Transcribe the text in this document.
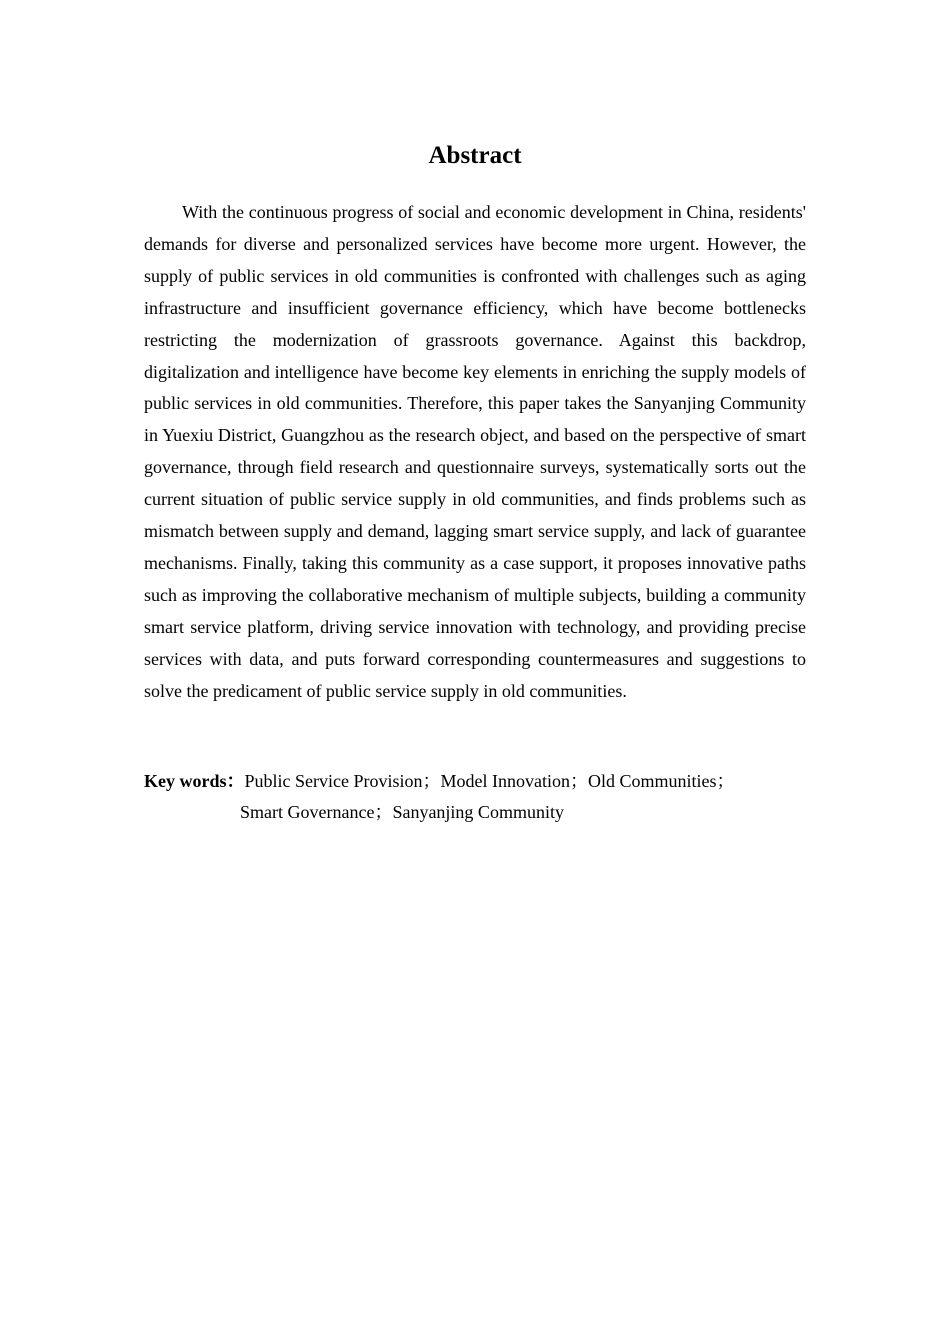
Abstract

With the continuous progress of social and economic development in China, residents' demands for diverse and personalized services have become more urgent. However, the supply of public services in old communities is confronted with challenges such as aging infrastructure and insufficient governance efficiency, which have become bottlenecks restricting the modernization of grassroots governance. Against this backdrop, digitalization and intelligence have become key elements in enriching the supply models of public services in old communities. Therefore, this paper takes the Sanyanjing Community in Yuexiu District, Guangzhou as the research object, and based on the perspective of smart governance, through field research and questionnaire surveys, systematically sorts out the current situation of public service supply in old communities, and finds problems such as mismatch between supply and demand, lagging smart service supply, and lack of guarantee mechanisms. Finally, taking this community as a case support, it proposes innovative paths such as improving the collaborative mechanism of multiple subjects, building a community smart service platform, driving service innovation with technology, and providing precise services with data, and puts forward corresponding countermeasures and suggestions to solve the predicament of public service supply in old communities.

Key words：Public Service Provision；Model Innovation；Old Communities；
Smart Governance；Sanyanjing Community
